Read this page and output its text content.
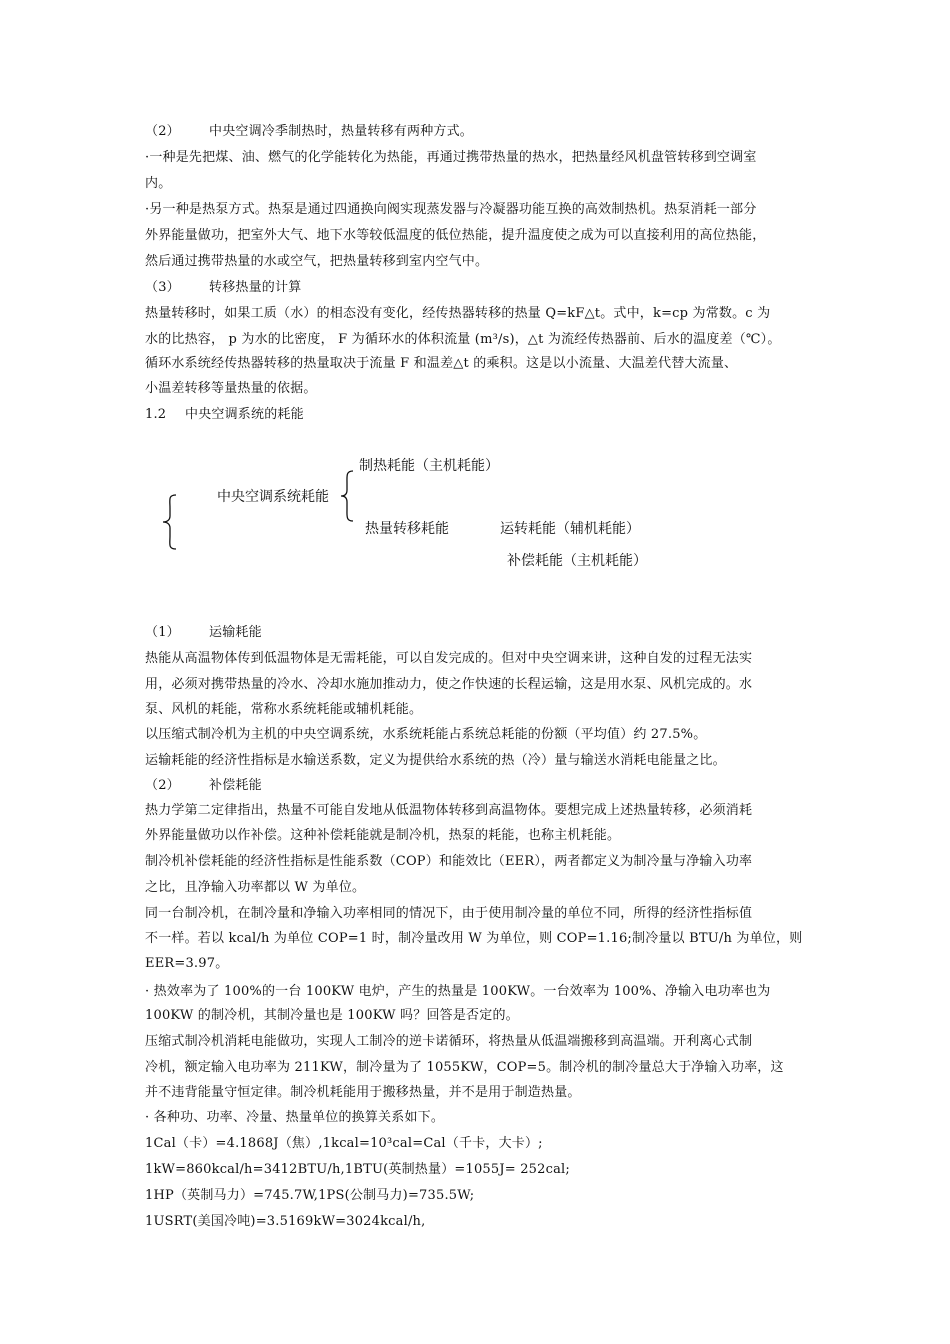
（2） 中央空调冷季制热时，热量转移有两种方式。
·一种是先把煤、油、燃气的化学能转化为热能，再通过携带热量的热水，把热量经风机盘管转移到空调室
内。
·另一种是热泵方式。热泵是通过四通换向阀实现蒸发器与冷凝器功能互换的高效制热机。热泵消耗一部分
外界能量做功，把室外大气、地下水等较低温度的低位热能，提升温度使之成为可以直接利用的高位热能，
然后通过携带热量的水或空气，把热量转移到室内空气中。
（3） 转移热量的计算
热量转移时，如果工质（水）的相态没有变化，经传热器转移的热量 Q=kF△t。式中，k=cp 为常数。c 为
水的比热容， p 为水的比密度， F 为循环水的体积流量 (m³/s)，△t 为流经传热器前、后水的温度差（℃）。
循环水系统经传热器转移的热量取决于流量 F 和温差△t 的乘积。这是以小流量、大温差代替大流量、
小温差转移等量热量的依据。
1.2 中央空调系统的耗能
中央空调系统耗能
制热耗能（主机耗能）
热量转移耗能	运转耗能（辅机耗能）
补偿耗能（主机耗能）
（1） 运输耗能
热能从高温物体传到低温物体是无需耗能，可以自发完成的。但对中央空调来讲，这种自发的过程无法实
用，必须对携带热量的冷水、冷却水施加推动力，使之作快速的长程运输，这是用水泵、风机完成的。水
泵、风机的耗能，常称水系统耗能或辅机耗能。
以压缩式制冷机为主机的中央空调系统，水系统耗能占系统总耗能的份额（平均值）约 27.5%。
运输耗能的经济性指标是水输送系数，定义为提供给水系统的热（冷）量与输送水消耗电能量之比。
（2） 补偿耗能
热力学第二定律指出，热量不可能自发地从低温物体转移到高温物体。要想完成上述热量转移，必须消耗
外界能量做功以作补偿。这种补偿耗能就是制冷机，热泵的耗能，也称主机耗能。
制冷机补偿耗能的经济性指标是性能系数（COP）和能效比（EER），两者都定义为制冷量与净输入功率
之比，且净输入功率都以 W 为单位。
同一台制冷机，在制冷量和净输入功率相同的情况下，由于使用制冷量的单位不同，所得的经济性指标值
不一样。若以 kcal/h 为单位 COP=1 时，制冷量改用 W 为单位，则 COP=1.16;制冷量以 BTU/h 为单位，则
EER=3.97。
· 热效率为了 100%的一台 100KW 电炉，产生的热量是 100KW。一台效率为 100%、净输入电功率也为
100KW 的制冷机，其制冷量也是 100KW 吗？回答是否定的。
压缩式制冷机消耗电能做功，实现人工制冷的逆卡诺循环，将热量从低温端搬移到高温端。开利离心式制
冷机，额定输入电功率为 211KW，制冷量为了 1055KW，COP=5。制冷机的制冷量总大于净输入功率，这
并不违背能量守恒定律。制冷机耗能用于搬移热量，并不是用于制造热量。
· 各种功、功率、冷量、热量单位的换算关系如下。
1Cal（卡）=4.1868J（焦）,1kcal=10³cal=Cal（千卡，大卡）;
1kW=860kcal/h=3412BTU/h,1BTU(英制热量）=1055J= 252cal;
1HP（英制马力）=745.7W,1PS(公制马力)=735.5W;
1USRT(美国冷吨)=3.5169kW=3024kcal/h,
